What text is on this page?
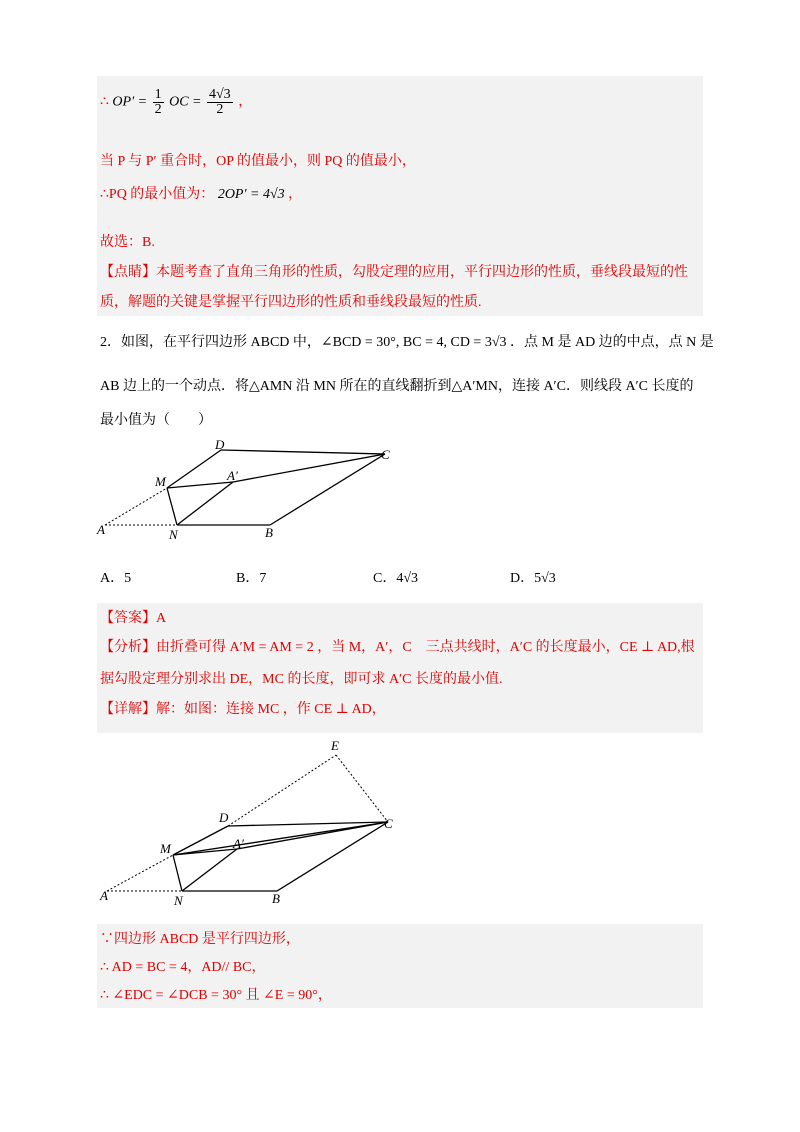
∴ $OP' = \frac{1}{2}$ OC = $\frac{4√3}{2}$ ，
当 P 与 P′ 重合时，OP 的值最小，则 PQ 的值最小，
∴PQ 的最小值为： 2OP′ = 4√3 ，
故选：B.
【点睛】本题考查了直角三角形的性质，勾股定理的应用，平行四边形的性质，垂线段最短的性
质，解题的关键是掌握平行四边形的性质和垂线段最短的性质.
2．如图，在平行四边形 ABCD 中，∠BCD = 30°, BC = 4, CD = 3√3 ．点 M 是 AD 边的中点，点 N 是
AB 边上的一个动点．将△AMN 沿 MN 所在的直线翻折到△A′MN，连接 A′C．则线段 A′C 长度的
最小值为（　　）
D
C
M	A′
A	N	B
A．5	B．7	C．4√3	D．5√3
【答案】A
【分析】由折叠可得 A′M = AM = 2 ，当 M，A′，C　三点共线时，A′C 的长度最小，CE ⊥ AD,根
据勾股定理分别求出 DE，MC 的长度，即可求 A′C 长度的最小值.
【详解】解：如图：连接 MC ，作 CE ⊥ AD，
E
D	C
M	A′
A	N	B
∵四边形 ABCD 是平行四边形，
∴ AD = BC = 4，AD// BC，
∴ ∠EDC = ∠DCB = 30° 且 ∠E = 90°，
